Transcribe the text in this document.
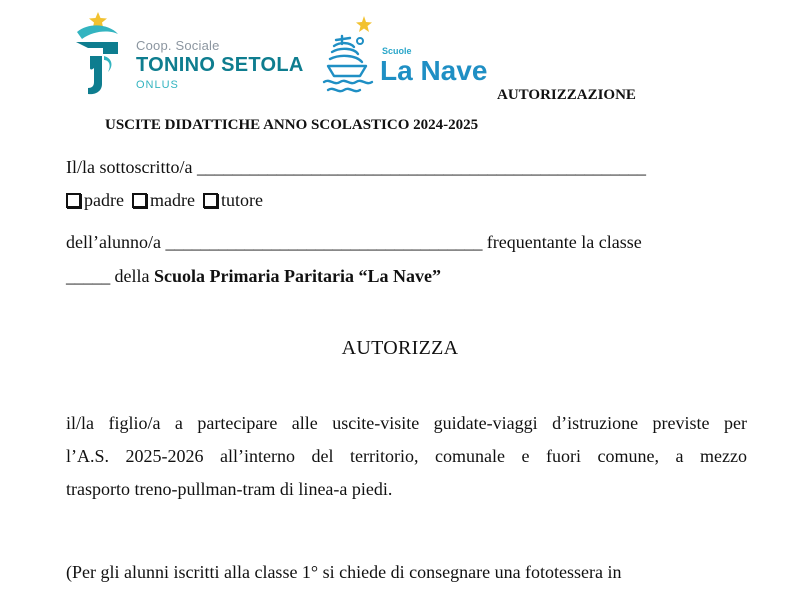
Coop. Sociale
TONINO SETOLA
ONLUS
Scuole
La Nave
AUTORIZZAZIONE
USCITE DIDATTICHE ANNO SCOLASTICO 2024-2025
Il/la sottoscritto/a ___________________________________________________
padre madre tutore
dell’alunno/a ____________________________________ frequentante la classe
_____ della Scuola Primaria Paritaria “La Nave”
AUTORIZZA
il/la figlio/a a partecipare alle uscite-visite guidate-viaggi d’istruzione previste per
l’A.S. 2025-2026 all’interno del territorio, comunale e fuori comune, a mezzo
trasporto treno-pullman-tram di linea-a piedi.
(Per gli alunni iscritti alla classe 1° si chiede di consegnare una fototessera in
